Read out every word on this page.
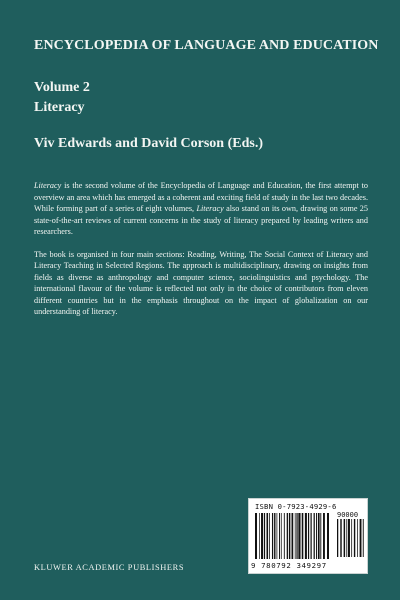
ENCYCLOPEDIA OF LANGUAGE AND EDUCATION
Volume 2
Literacy
Viv Edwards and David Corson (Eds.)

Literacy is the second volume of the Encyclopedia of Language and Education, the first attempt to overview an area which has emerged as a coherent and exciting field of study in the last two decades. While forming part of a series of eight volumes, Literacy also stand on its own, drawing on some 25 state-of-the-art reviews of current concerns in the study of literacy prepared by leading writers and researchers.

The book is organised in four main sections: Reading, Writing, The Social Context of Literacy and Literacy Teaching in Selected Regions. The approach is multidisciplinary, drawing on insights from fields as diverse as anthropology and computer science, sociolinguistics and psychology. The international flavour of the volume is reflected not only in the choice of contributors from eleven different countries but in the emphasis throughout on the impact of globalization on our understanding of literacy.

KLUWER ACADEMIC PUBLISHERS
ISBN 0-7923-4929-6
90000
9 780792 349297
